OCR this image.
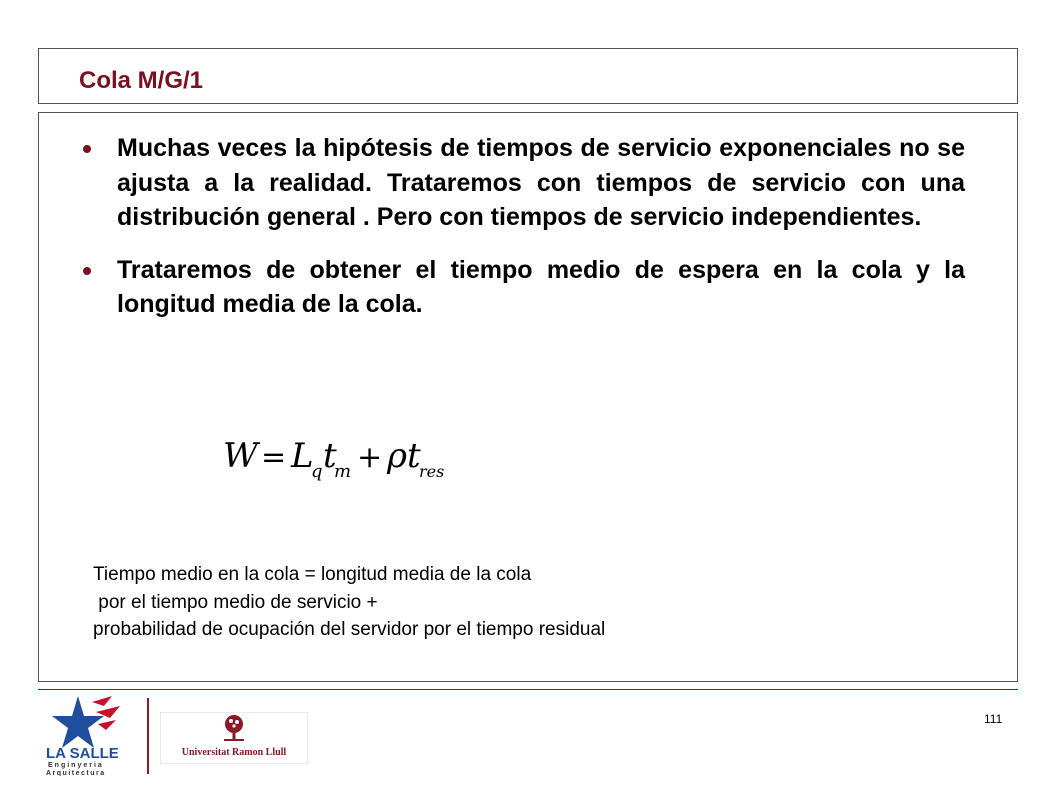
Cola M/G/1
Muchas veces la hipótesis de tiempos de servicio exponenciales no se ajusta a la realidad. Trataremos con tiempos de servicio con una distribución general . Pero con tiempos de servicio independientes.
Trataremos de obtener el tiempo medio de espera en la cola y la longitud media de la cola.
W = L
q t
m + ρ t
res
Tiempo medio en la cola = longitud media de la cola
por el tiempo medio de servicio +
probabilidad de ocupación del servidor por el tiempo residual
LA SALLE
Enginyeria
Arquitectura
Universitat Ramon Llull
111
